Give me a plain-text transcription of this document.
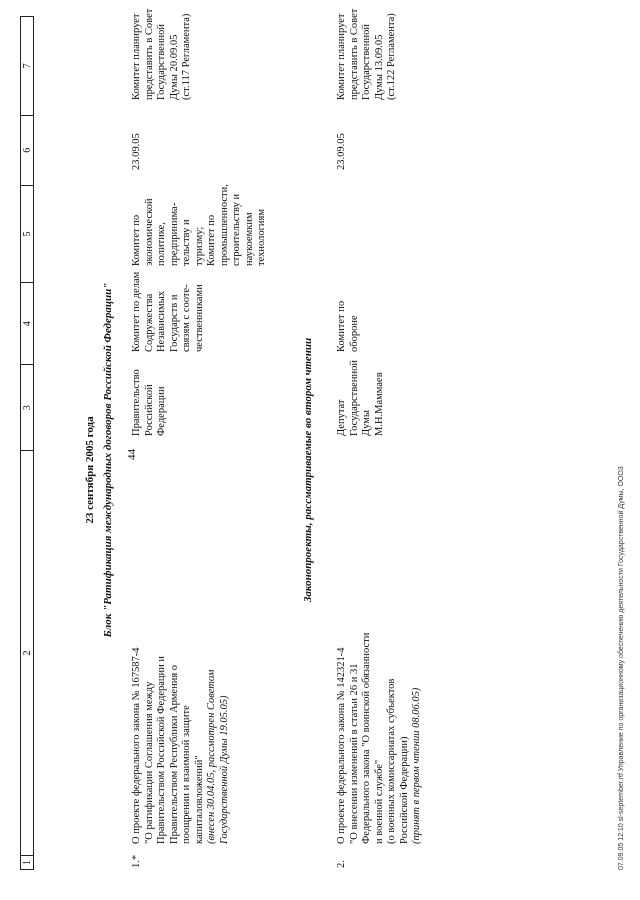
1
2
3
4
5
6
7
44
23 сентября 2005 года Блок "Ратификация международных договоров Российской Федерации"
1.*
О проекте федерального закона № 167587-4 "О ратификации Соглашения между Правительством Российской Федерации и Правительством Республики Армения о поощрении и взаимной защите капиталовложений" (внесен 30.04.05, рассмотрен Советом Государственной Думы 19.05.05)
Правительство Российской Федерации
Комитет по делам Содружества Независимых Государств и связям с соотe- чественниками
Комитет по экономической политике, предпринима- тельству и туризму; Комитет по промышленности, строительству и наукоемким технологиям
23.09.05
Комитет планирует представить в Совет Государственной Думы 20.09.05 (ст.117 Регламента)
Законопроекты, рассматриваемые во втором чтении
2.
О проекте федерального закона № 142321-4 "О внесении изменений в статьи 26 и 31 Федерального закона "О воинской обязанности и военной службе" (о военных комиссариатах субъектов Российской Федерации) (принят в первом чтении 08.06.05)
Депутат Государственной Думы М.Н.Маммаев
Комитет по обороне
23.09.05
Комитет планирует представить в Совет Государственной Думы 13.09.05 (ст.122 Регламента)
07.09.05 12:10 sl-september.rtf Управление по организационному обеспечению деятельности Государственной Думы, ООО3
